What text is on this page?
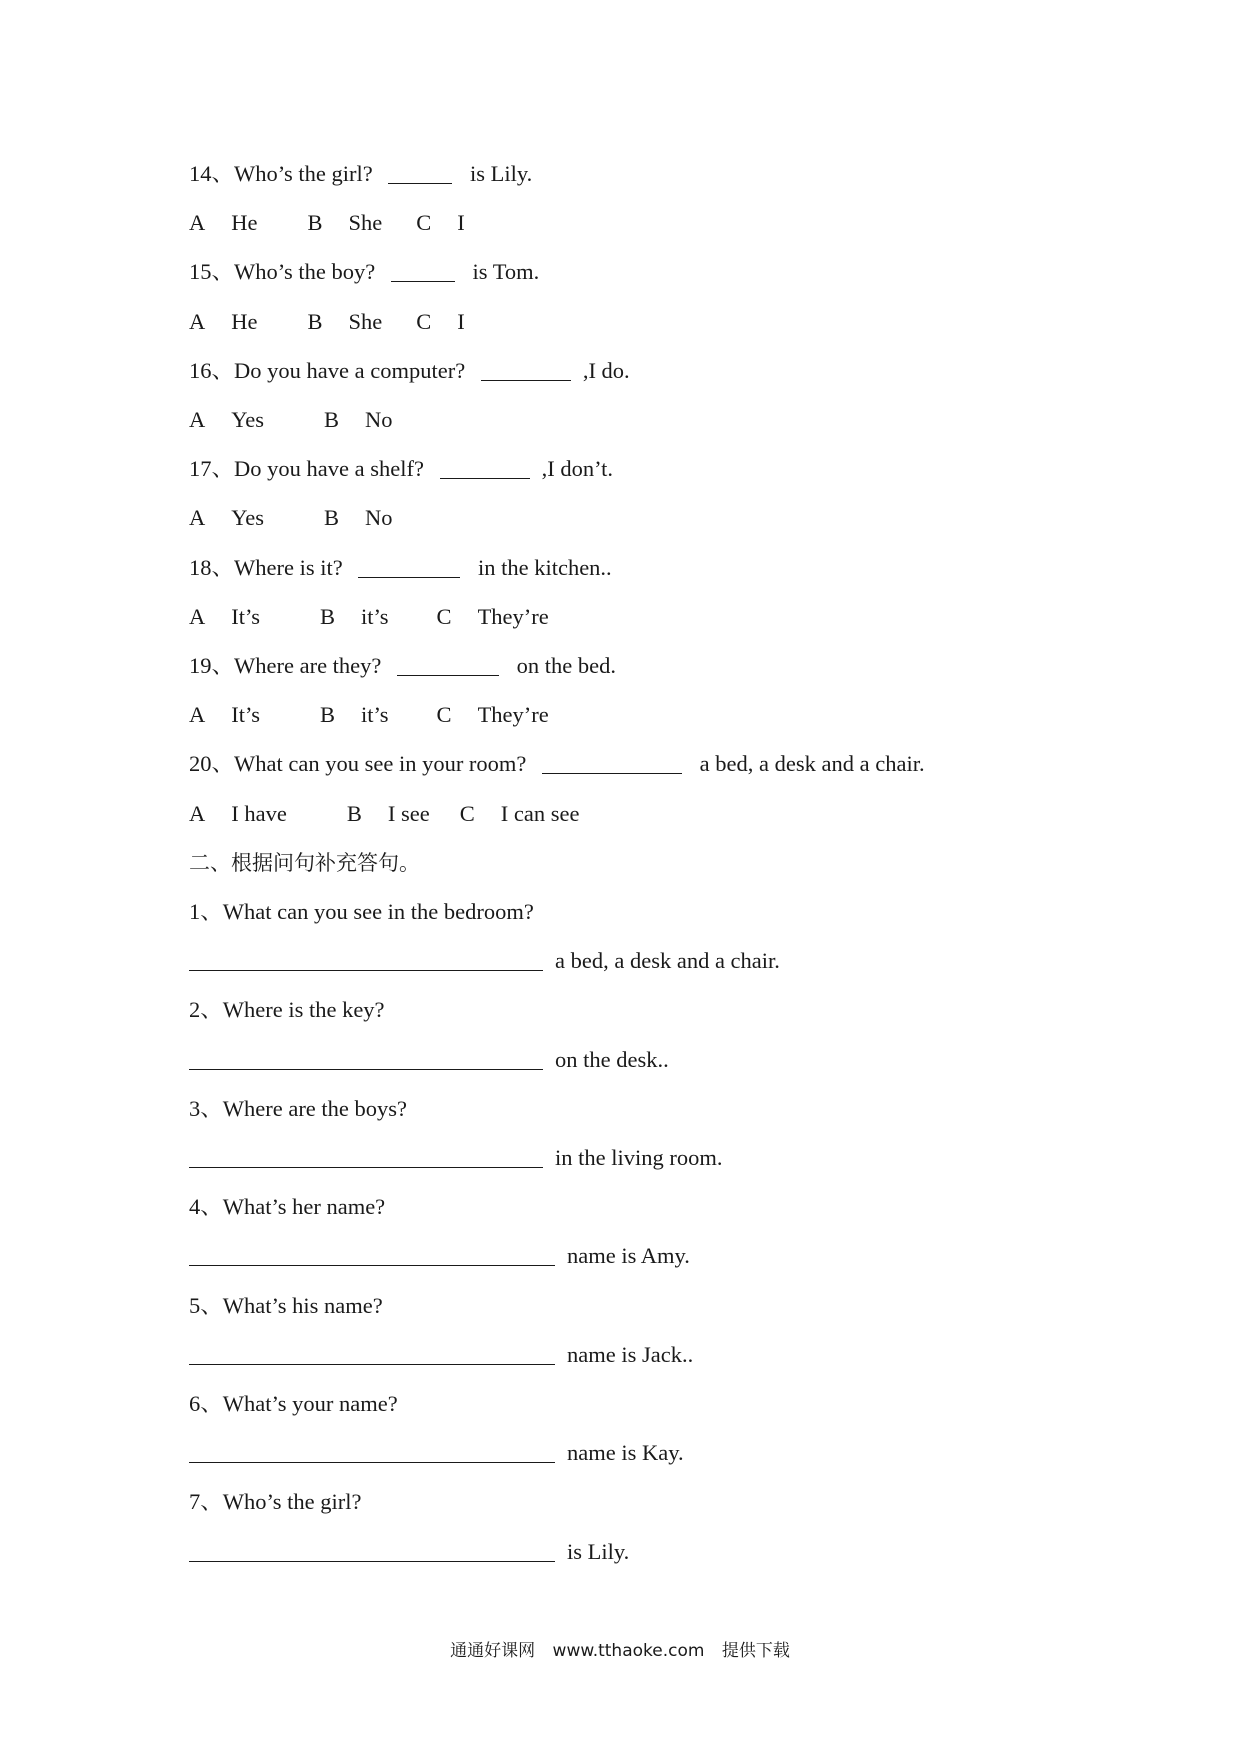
14、 Who’s the girl?	is Lily.
A He B She C I
15、 Who’s the boy?	is Tom.
A He B She C I
16、 Do you have a computer?	,I do.
A Yes	B No
17、 Do you have a shelf?	,I don’t.
A Yes	B No
18、 Where is it?	in the kitchen..
A It’s	B it’s C They’re
19、 Where are they?	on the bed.
A It’s	B it’s C They’re
20、 What can you see in your room?	a bed, a desk and a chair.
A I have	B I see C I can see
二、根据问句补充答句。
1、What can you see in the bedroom?
a bed, a desk and a chair.
2、Where is the key?
on the desk..
3、Where are the boys?
in the living room.
4、What’s her name?
name is Amy.
5、What’s his name?
name is Jack..
6、What’s your name?
name is Kay.
7、Who’s the girl?
is Lily.
通通好课网 www.tthaoke.com 提供下载
